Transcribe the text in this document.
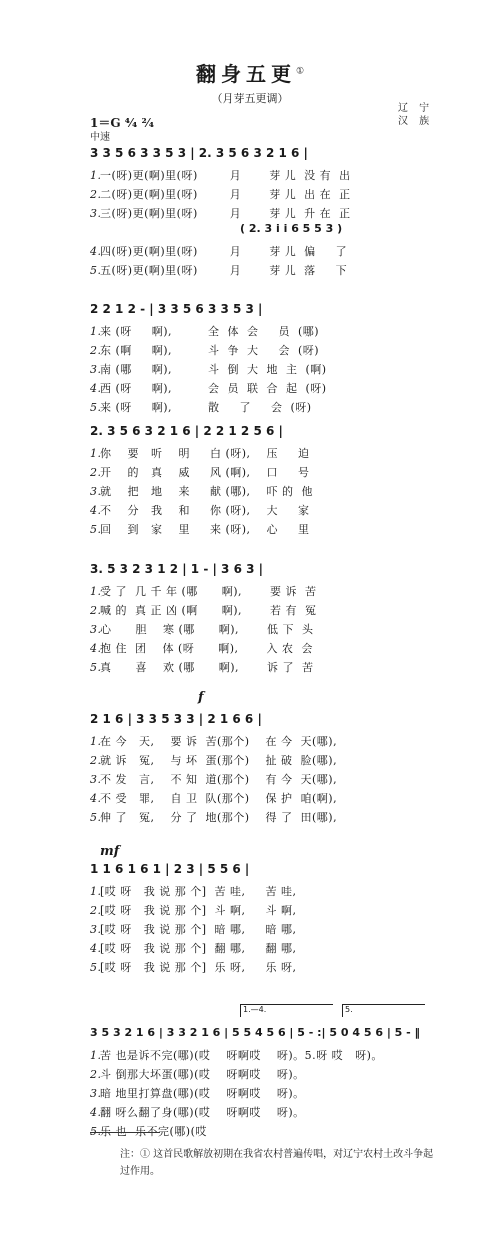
翻身五更①
（月芽五更调）
辽 宁
汉 族
1＝G ⁴⁄₄ ²⁄₄
中速
3 3 5 6 3 3 5 3 | 2. 3 5 6 3 2 1 6 |
1.一(呀)更(啊)里(呀)        月       芽 儿  没 有  出
2.二(呀)更(啊)里(呀)        月       芽 儿  出 在  正
3.三(呀)更(啊)里(呀)        月       芽 儿  升 在  正
( 2. 3 i i 6 5 5 3 )
4.四(呀)更(啊)里(呀)        月       芽 儿  偏     了
5.五(呀)更(啊)里(呀)        月       芽 儿  落     下
2 2 1 2 - | 3 3 5 6 3 3 5 3 |
1.来 (呀     啊),         全  体  会     员  (哪)
2.东 (啊     啊),         斗  争  大     会  (呀)
3.南 (哪     啊),         斗  倒  大  地  主  (啊)
4.西 (呀     啊),         会  员  联  合  起  (呀)
5.来 (呀     啊),         散     了     会  (呀)
2. 3 5 6 3 2 1 6 | 2 2 1 2 5 6 |
1.你    要   听    明     白 (呀),    压     迫
2.开    的   真    威     风 (啊),    口     号
3.就    把   地    来     献 (哪),    吓 的  他
4.不    分   我    和     你 (呀),    大     家
5.回    到   家    里     来 (呀),    心     里
3. 5 3 2 3 1 2 | 1 - | 3 6 3 |
1.受 了  几 千 年 (哪      啊),       要 诉  苦
2.喊 的  真 正 凶 (啊      啊),       若 有  冤
3.心      胆    寒 (哪      啊),       低 下  头
4.抱 住  团    体 (呀      啊),       入 农  会
5.真      喜    欢 (哪      啊),       诉 了  苦
f
2 1 6 | 3 3 5 3 3 | 2 1 6 6 |
1.在 今   天,    要 诉  苦(那个)    在 今  天(哪),
2.就 诉   冤,    与 坏  蛋(那个)    扯 破  脸(哪),
3.不 发   言,    不 知  道(那个)    有 今  天(哪),
4.不 受   罪,    自 卫  队(那个)    保 护  咱(啊),
5.伸 了   冤,    分 了  地(那个)    得 了  田(哪),
mf
1 1 6 1 6 1 | 2 3 | 5 5 6 |
1.[哎 呀   我 说 那 个]  苦 哇,     苦 哇,
2.[哎 呀   我 说 那 个]  斗 啊,     斗 啊,
3.[哎 呀   我 说 那 个]  暗 哪,     暗 哪,
4.[哎 呀   我 说 那 个]  翻 哪,     翻 哪,
5.[哎 呀   我 说 那 个]  乐 呀,     乐 呀,
1.—4.	5.
3 5 3 2 1 6 | 3 3 2 1 6 | 5 5 4 5 6 | 5 - :| 5 0 4 5 6 | 5 - ‖
1.苦 也是诉不完(哪)(哎    呀啊哎    呀)。5.呀 哎   呀)。
2.斗 倒那大坏蛋(哪)(哎    呀啊哎    呀)。
3.暗 地里打算盘(哪)(哎    呀啊哎    呀)。
4.翻 呀么翻了身(哪)(哎    呀啊哎    呀)。
5.乐 也  乐不完(哪)(哎
注：① 这首民歌解放初期在我省农村普遍传唱，对辽宁农村土改斗争起过作用。
